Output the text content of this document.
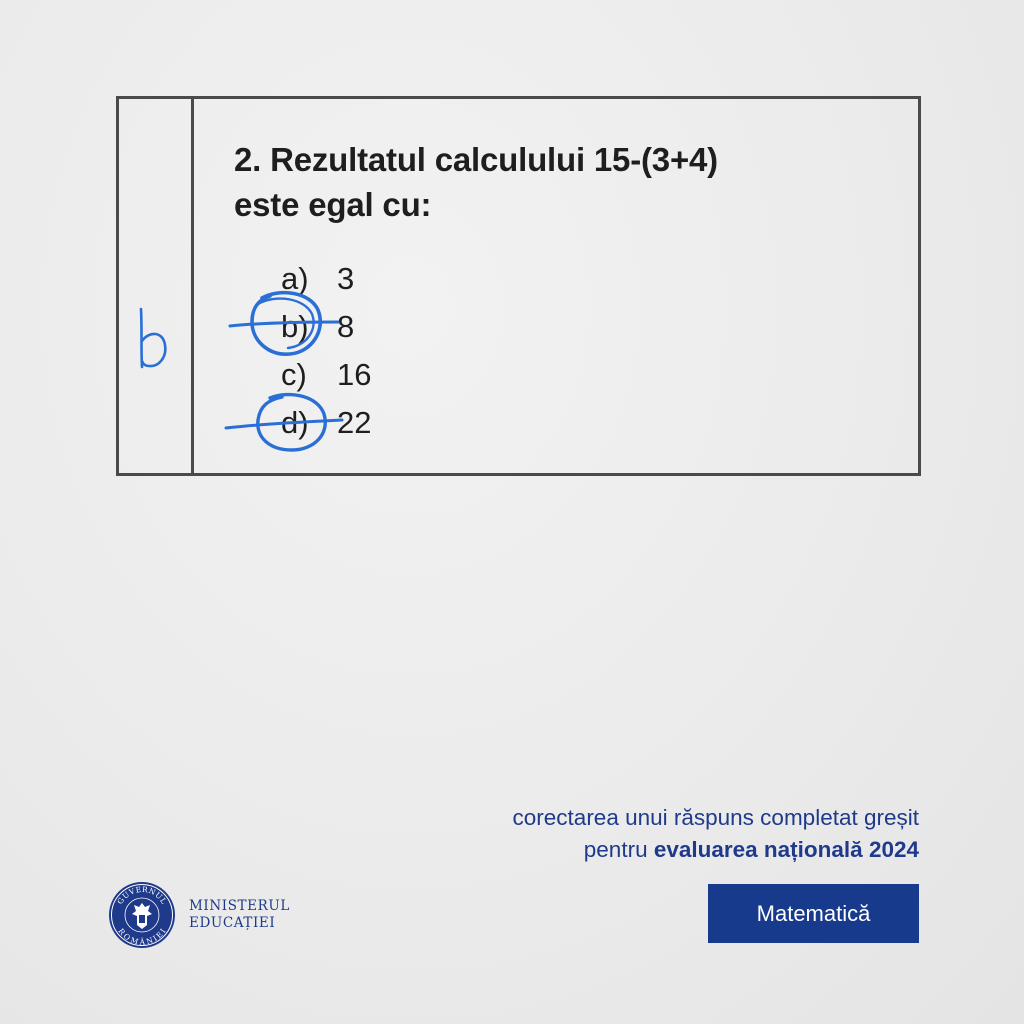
2. Rezultatul calculului 15-(3+4)
este egal cu:
a) 3
b) 8
c) 16
d) 22
corectarea unui răspuns completat greșit
pentru evaluarea națională 2024
Matematică
GUVERNUL
ROMÂNIEI
MINISTERUL
EDUCAȚIEI
